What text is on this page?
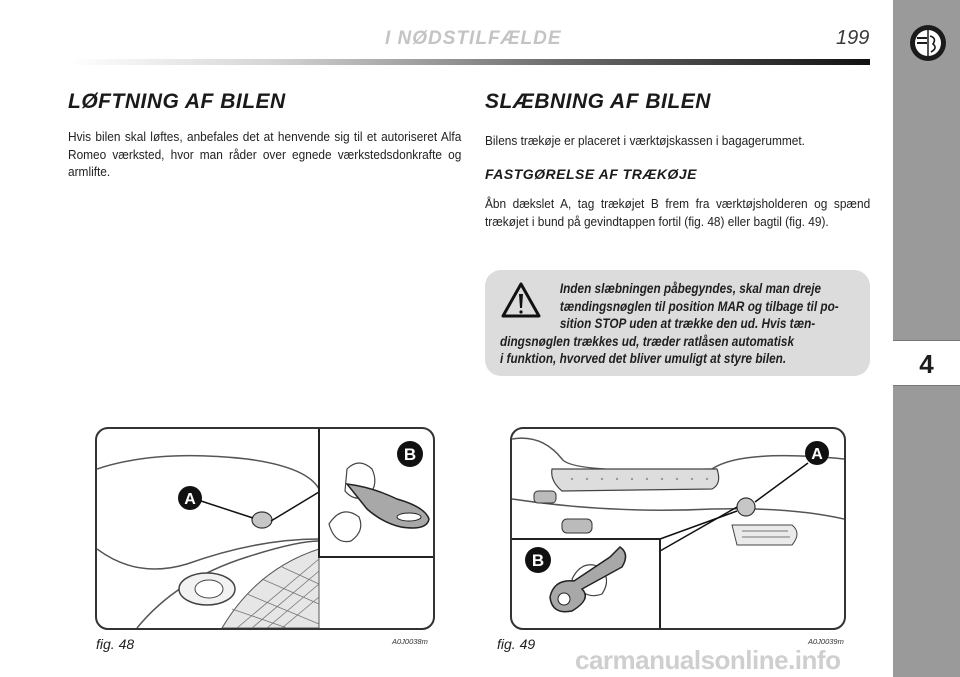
I NØDSTILFÆLDE	199
4
LØFTNING AF BILEN
Hvis bilen skal løftes, anbefales det at henvende sig til et autoriseret Alfa Romeo værksted, hvor man råder over egnede værkstedsdonkrafte og armlifte.
SLÆBNING AF BILEN
Bilens trækøje er placeret i værktøjskassen i bagagerummet.
FASTGØRELSE AF TRÆKØJE
Åbn dækslet A, tag trækøjet B frem fra værktøjsholderen og spænd trækøjet i bund på gevindtappen fortil (fig. 48) eller bagtil (fig. 49).
Inden slæbningen påbegyndes, skal man dreje
tændingsnøglen til position MAR og tilbage til po-
sition STOP uden at trække den ud. Hvis tæn-
dingsnøglen trækkes ud, træder ratlåsen automatisk
i funktion, hvorved det bliver umuligt at styre bilen.
A
B
fig. 48	A0J0038m
A
B
fig. 49	A0J0039m
carmanualsonline.info
